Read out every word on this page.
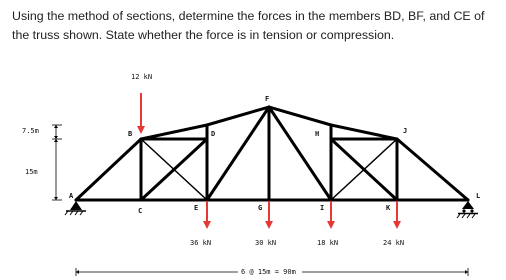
Using the method of sections, determine the forces in the members BD, BF, and CE of the truss shown. State whether the force is in tension or compression.
12 kN
7.5m
15m
A
B
C
D
E
F
G
H
I
J
K
L
36 kN	30 kN	18 kN	24 kN
6 @ 15m = 90m
